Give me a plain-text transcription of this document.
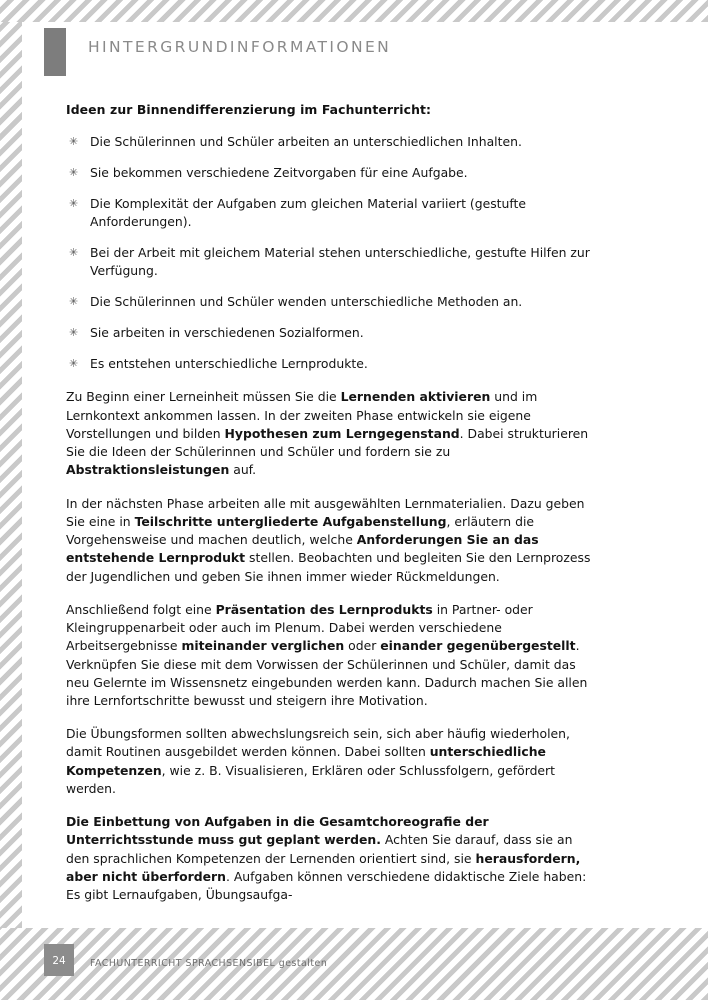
HINTERGRUNDINFORMATIONEN

Ideen zur Binnendifferenzierung im Fachunterricht:

✳ Die Schülerinnen und Schüler arbeiten an unterschiedlichen Inhalten.
✳ Sie bekommen verschiedene Zeitvorgaben für eine Aufgabe.
✳ Die Komplexität der Aufgaben zum gleichen Material variiert (gestufte Anforderungen).
✳ Bei der Arbeit mit gleichem Material stehen unterschiedliche, gestufte Hilfen zur Verfügung.
✳ Die Schülerinnen und Schüler wenden unterschiedliche Methoden an.
✳ Sie arbeiten in verschiedenen Sozialformen.
✳ Es entstehen unterschiedliche Lernprodukte.

Zu Beginn einer Lerneinheit müssen Sie die Lernenden aktivieren und im Lernkontext ankommen lassen. In der zweiten Phase entwickeln sie eigene Vorstellungen und bilden Hypothesen zum Lerngegenstand. Dabei strukturieren Sie die Ideen der Schülerinnen und Schüler und fordern sie zu Abstraktionsleistungen auf.

In der nächsten Phase arbeiten alle mit ausgewählten Lernmaterialien. Dazu geben Sie eine in Teilschritte untergliederte Aufgabenstellung, erläutern die Vorgehensweise und machen deutlich, welche Anforderungen Sie an das entstehende Lernprodukt stellen. Beobachten und begleiten Sie den Lernprozess der Jugendlichen und geben Sie ihnen immer wieder Rückmeldungen.

Anschließend folgt eine Präsentation des Lernprodukts in Partner- oder Kleingruppenarbeit oder auch im Plenum. Dabei werden verschiedene Arbeitsergebnisse miteinander verglichen oder einander gegenübergestellt. Verknüpfen Sie diese mit dem Vorwissen der Schülerinnen und Schüler, damit das neu Gelernte im Wissensnetz eingebunden werden kann. Dadurch machen Sie allen ihre Lernfortschritte bewusst und steigern ihre Motivation.

Die Übungsformen sollten abwechslungsreich sein, sich aber häufig wiederholen, damit Routinen ausgebildet werden können. Dabei sollten unterschiedliche Kompetenzen, wie z. B. Visualisieren, Erklären oder Schlussfolgern, gefördert werden.

Die Einbettung von Aufgaben in die Gesamtchoreografie der Unterrichtsstunde muss gut geplant werden. Achten Sie darauf, dass sie an den sprachlichen Kompetenzen der Lernenden orientiert sind, sie herausfordern, aber nicht überfordern. Aufgaben können verschiedene didaktische Ziele haben: Es gibt Lernaufgaben, Übungsaufga-

24	FACHUNTERRICHT SPRACHSENSIBEL gestalten
